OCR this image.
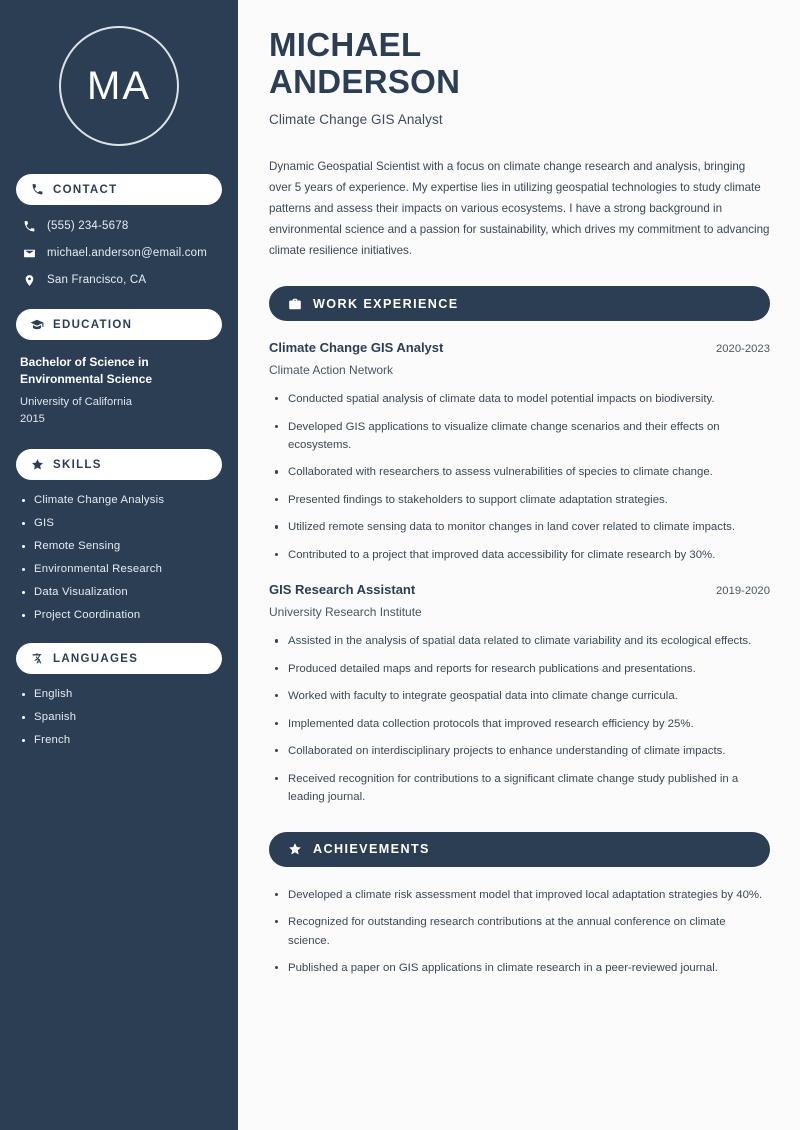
MA
CONTACT
(555) 234-5678
michael.anderson@email.com
San Francisco, CA
EDUCATION
Bachelor of Science in Environmental Science
University of California
2015
SKILLS
Climate Change Analysis
GIS
Remote Sensing
Environmental Research
Data Visualization
Project Coordination
LANGUAGES
English
Spanish
French
MICHAEL
ANDERSON
Climate Change GIS Analyst

Dynamic Geospatial Scientist with a focus on climate change research and analysis, bringing over 5 years of experience. My expertise lies in utilizing geospatial technologies to study climate patterns and assess their impacts on various ecosystems. I have a strong background in environmental science and a passion for sustainability, which drives my commitment to advancing climate resilience initiatives.

WORK EXPERIENCE
Climate Change GIS Analyst	2020-2023
Climate Action Network
Conducted spatial analysis of climate data to model potential impacts on biodiversity.
Developed GIS applications to visualize climate change scenarios and their effects on ecosystems.
Collaborated with researchers to assess vulnerabilities of species to climate change.
Presented findings to stakeholders to support climate adaptation strategies.
Utilized remote sensing data to monitor changes in land cover related to climate impacts.
Contributed to a project that improved data accessibility for climate research by 30%.
GIS Research Assistant	2019-2020
University Research Institute
Assisted in the analysis of spatial data related to climate variability and its ecological effects.
Produced detailed maps and reports for research publications and presentations.
Worked with faculty to integrate geospatial data into climate change curricula.
Implemented data collection protocols that improved research efficiency by 25%.
Collaborated on interdisciplinary projects to enhance understanding of climate impacts.
Received recognition for contributions to a significant climate change study published in a leading journal.
ACHIEVEMENTS
Developed a climate risk assessment model that improved local adaptation strategies by 40%.
Recognized for outstanding research contributions at the annual conference on climate science.
Published a paper on GIS applications in climate research in a peer-reviewed journal.
